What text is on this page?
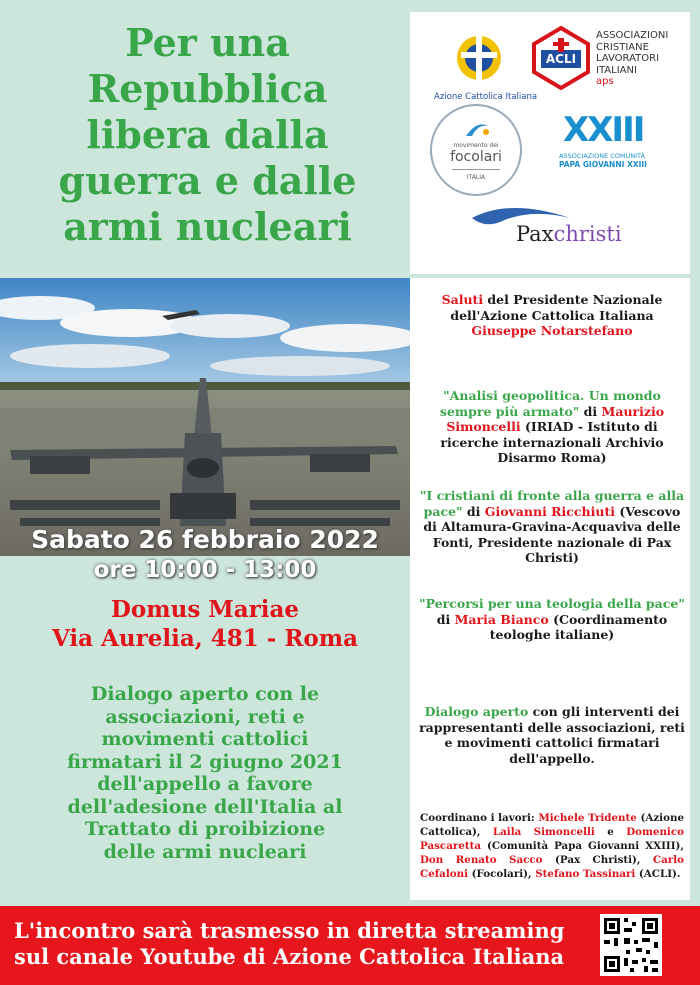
Per una
Repubblica
libera dalla
guerra e dalle
armi nucleari
Azione Cattolica Italiana
ACLI
ASSOCIAZIONI
CRISTIANE
LAVORATORI
ITALIANI
aps
movimento dei
focolari
ITALIA
XXIII
ASSOCIAZIONE COMUNITÀ
PAPA GIOVANNI XXIII
Paxchristi
Sabato 26 febbraio 2022
ore 10:00 - 13:00
Domus Mariae
Via Aurelia, 481 - Roma
Dialogo aperto con le
associazioni, reti e
movimenti cattolici
firmatari il 2 giugno 2021
dell'appello a favore
dell'adesione dell'Italia al
Trattato di proibizione
delle armi nucleari
Saluti del Presidente Nazionale dell'Azione Cattolica Italiana
Giuseppe Notarstefano
"Analisi geopolitica. Un mondo sempre più armato" di Maurizio Simoncelli (IRIAD - Istituto di ricerche internazionali Archivio Disarmo Roma)
"I cristiani di fronte alla guerra e alla pace" di Giovanni Ricchiuti (Vescovo di Altamura-Gravina-Acquaviva delle Fonti, Presidente nazionale di Pax Christi)
"Percorsi per una teologia della pace" di Maria Bianco (Coordinamento teologhe italiane)
Dialogo aperto con gli interventi dei rappresentanti delle associazioni, reti e movimenti cattolici firmatari dell'appello.
Coordinano i lavori: Michele Tridente (Azione Cattolica), Laila Simoncelli e Domenico Pascaretta (Comunità Papa Giovanni XXIII), Don Renato Sacco (Pax Christi), Carlo Cefaloni (Focolari), Stefano Tassinari (ACLI).
L'incontro sarà trasmesso in diretta streaming
sul canale Youtube di Azione Cattolica Italiana
